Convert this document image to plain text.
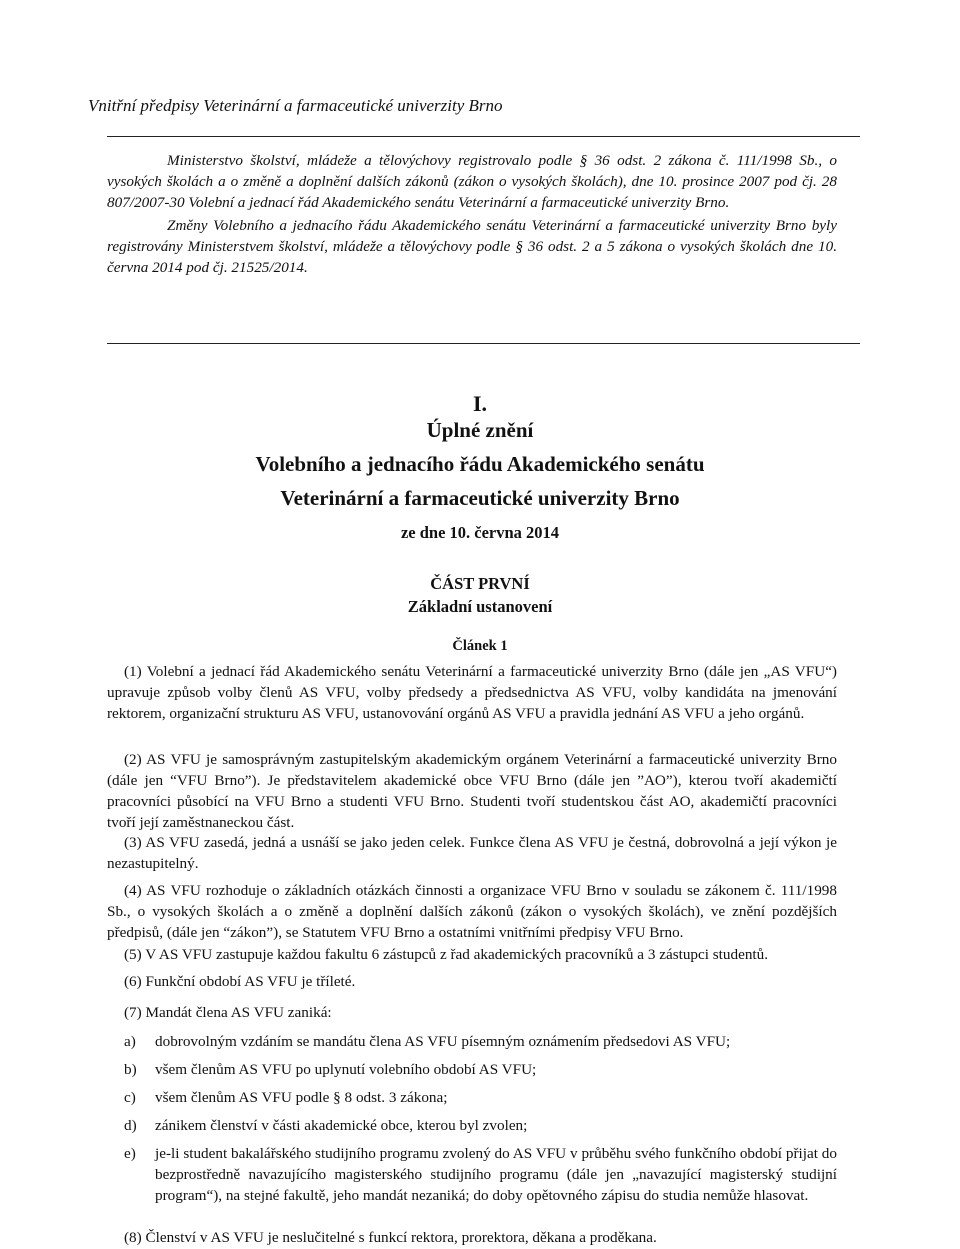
Vnitřní předpisy Veterinární a farmaceutické univerzity Brno

Ministerstvo školství, mládeže a tělovýchovy registrovalo podle § 36 odst. 2 zákona č. 111/1998 Sb., o vysokých školách a o změně a doplnění dalších zákonů (zákon o vysokých školách), dne 10. prosince 2007 pod čj. 28 807/2007-30 Volební a jednací řád Akademického senátu Veterinární a farmaceutické univerzity Brno.

Změny Volebního a jednacího řádu Akademického senátu Veterinární a farmaceutické univerzity Brno byly registrovány Ministerstvem školství, mládeže a tělovýchovy podle § 36 odst. 2 a 5 zákona o vysokých školách dne 10. června 2014 pod čj. 21525/2014.

I.
Úplné znění
Volebního a jednacího řádu Akademického senátu
Veterinární a farmaceutické univerzity Brno
ze dne 10. června 2014
ČÁST PRVNÍ
Základní ustanovení
Článek 1
(1) Volební a jednací řád Akademického senátu Veterinární a farmaceutické univerzity Brno (dále jen „AS VFU“) upravuje způsob volby členů AS VFU, volby předsedy a předsednictva AS VFU, volby kandidáta na jmenování rektorem, organizační strukturu AS VFU, ustanovování orgánů AS VFU a pravidla jednání AS VFU a jeho orgánů.
(2) AS VFU je samosprávným zastupitelským akademickým orgánem Veterinární a farmaceutické univerzity Brno (dále jen “VFU Brno”). Je představitelem akademické obce VFU Brno (dále jen ”AO”), kterou tvoří akademičtí pracovníci působící na VFU Brno a studenti VFU Brno. Studenti tvoří studentskou část AO, akademičtí pracovníci tvoří její zaměstnaneckou část.
(3) AS VFU zasedá, jedná a usnáší se jako jeden celek. Funkce člena AS VFU je čestná, dobrovolná a její výkon je nezastupitelný.
(4) AS VFU rozhoduje o základních otázkách činnosti a organizace VFU Brno v souladu se zákonem č. 111/1998 Sb., o vysokých školách a o změně a doplnění dalších zákonů (zákon o vysokých školách), ve znění pozdějších předpisů, (dále jen “zákon”), se Statutem VFU Brno a ostatními vnitřními předpisy VFU Brno.
(5) V AS VFU zastupuje každou fakultu 6 zástupců z řad akademických pracovníků a 3 zástupci studentů.
(6) Funkční období AS VFU je tříleté.
(7) Mandát člena AS VFU zaniká:
a) dobrovolným vzdáním se mandátu člena AS VFU písemným oznámením předsedovi AS VFU;
b) všem členům AS VFU po uplynutí volebního období AS VFU;
c) všem členům AS VFU podle § 8 odst. 3 zákona;
d) zánikem členství v části akademické obce, kterou byl zvolen;
e) je-li student bakalářského studijního programu zvolený do AS VFU v průběhu svého funkčního období přijat do bezprostředně navazujícího magisterského studijního programu (dále jen „navazující magisterský studijní program“), na stejné fakultě, jeho mandát nezaniká; do doby opětovného zápisu do studia nemůže hlasovat.
(8) Členství v AS VFU je neslučitelné s funkcí rektora, prorektora, děkana a proděkana.
